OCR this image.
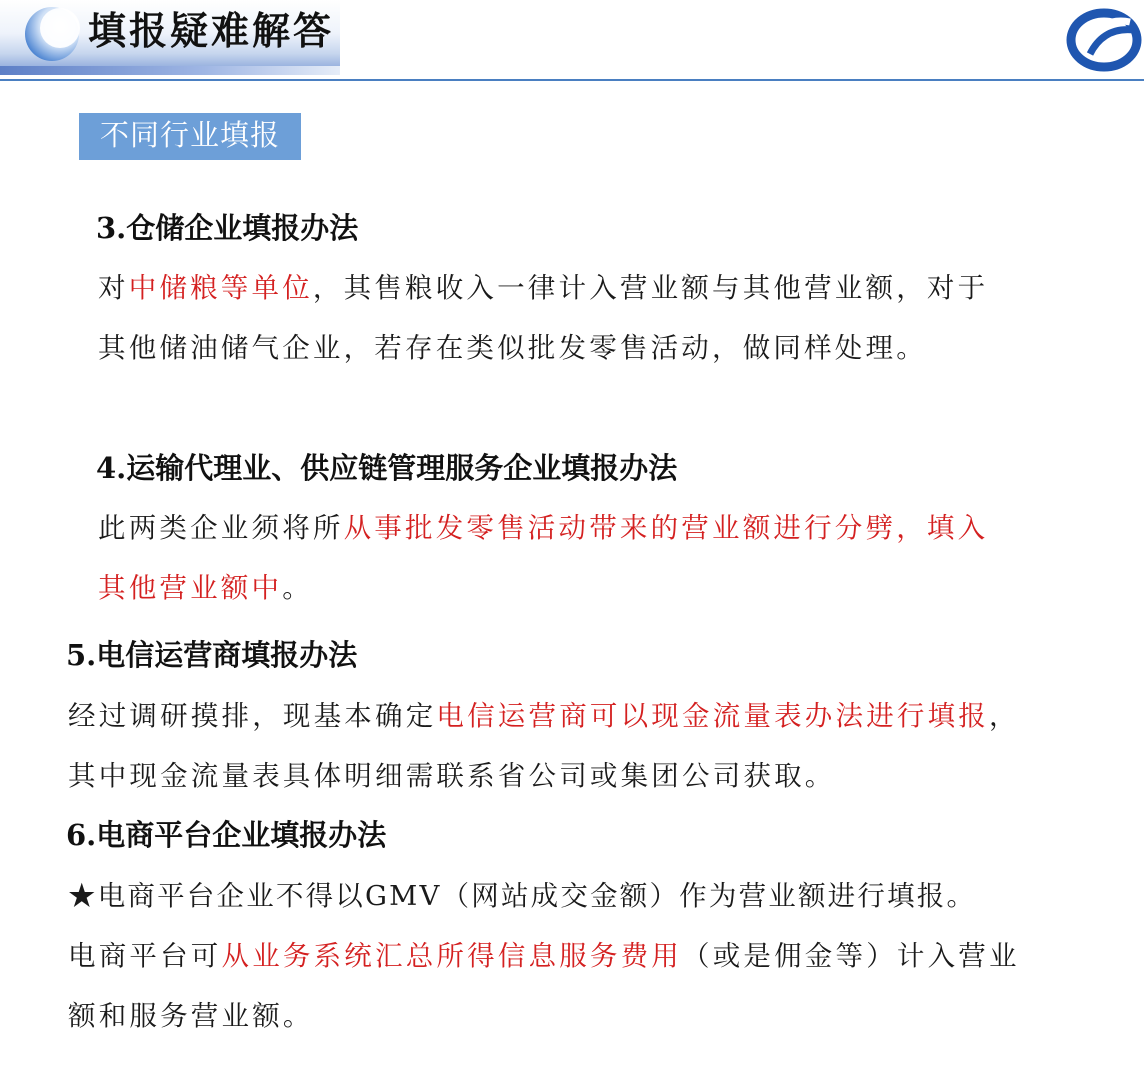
填报疑难解答
不同行业填报
3.仓储企业填报办法
对中储粮等单位，其售粮收入一律计入营业额与其他营业额，对于
其他储油储气企业，若存在类似批发零售活动，做同样处理。
4.运输代理业、供应链管理服务企业填报办法
此两类企业须将所从事批发零售活动带来的营业额进行分劈，填入
其他营业额中。
5.电信运营商填报办法
经过调研摸排，现基本确定电信运营商可以现金流量表办法进行填报，
其中现金流量表具体明细需联系省公司或集团公司获取。
6.电商平台企业填报办法
★电商平台企业不得以GMV（网站成交金额）作为营业额进行填报。
电商平台可从业务系统汇总所得信息服务费用（或是佣金等）计入营业
额和服务营业额。
